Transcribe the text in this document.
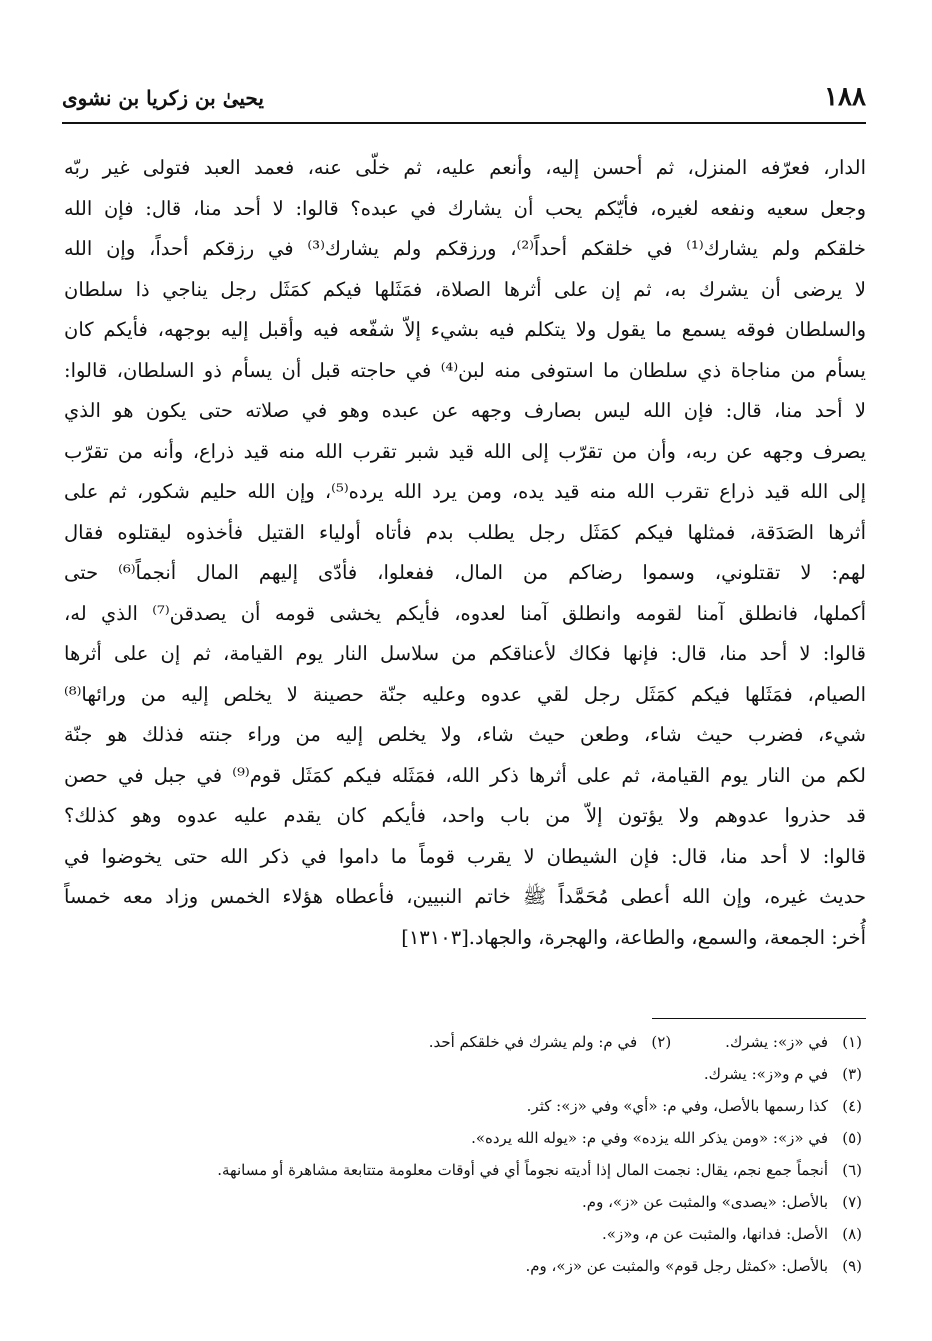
١٨٨
يحيىٰ بن زكريا بن نشوى
الدار، فعرّفه المنزل، ثم أحسن إليه، وأنعم عليه، ثم خلّى عنه، فعمد العبد فتولى غير ربّه
وجعل سعيه ونفعه لغيره، فأيّكم يحب أن يشارك في عبده؟ قالوا: لا أحد منا، قال: فإن الله
خلقكم ولم يشارك⁽¹⁾ في خلقكم أحداً⁽²⁾، ورزقكم ولم يشارك⁽³⁾ في رزقكم أحداً، وإن الله
لا يرضى أن يشرك به، ثم إن على أثرها الصلاة، فمَثَلها فيكم كمَثَل رجل يناجي ذا سلطان
والسلطان فوقه يسمع ما يقول ولا يتكلم فيه بشيء إلاّ شفّعه فيه وأقبل إليه بوجهه، فأيكم كان
يسأم من مناجاة ذي سلطان ما استوفى منه لبن⁽⁴⁾ في حاجته قبل أن يسأم ذو السلطان، قالوا:
لا أحد منا، قال: فإن الله ليس بصارف وجهه عن عبده وهو في صلاته حتى يكون هو الذي
يصرف وجهه عن ربه، وأن من تقرّب إلى الله قيد شبر تقرب الله منه قيد ذراع، وأنه من تقرّب
إلى الله قيد ذراع تقرب الله منه قيد يده، ومن يرد الله يرده⁽⁵⁾، وإن الله حليم شكور، ثم على
أثرها الصَدَقة، فمثلها فيكم كمَثَل رجل يطلب بدم فأتاه أولياء القتيل فأخذوه ليقتلوه فقال
لهم: لا تقتلوني، وسموا رضاكم من المال، ففعلوا، فأدّى إليهم المال أنجماً⁽⁶⁾ حتى
أكملها، فانطلق آمنا لقومه وانطلق آمنا لعدوه، فأيكم يخشى قومه أن يصدقن⁽⁷⁾ الذي له،
قالوا: لا أحد منا، قال: فإنها فكاك لأعناقكم من سلاسل النار يوم القيامة، ثم إن على أثرها
الصيام، فمَثَلها فيكم كمَثَل رجل لقي عدوه وعليه جنّة حصينة لا يخلص إليه من ورائها⁽⁸⁾
شيء، فضرب حيث شاء، وطعن حيث شاء، ولا يخلص إليه من وراء جنته فذلك هو جنّة
لكم من النار يوم القيامة، ثم على أثرها ذكر الله، فمَثَله فيكم كمَثَل قوم⁽⁹⁾ في جبل في حصن
قد حذروا عدوهم ولا يؤتون إلاّ من باب واحد، فأيكم كان يقدم عليه عدوه وهو كذلك؟
قالوا: لا أحد منا، قال: فإن الشيطان لا يقرب قوماً ما داموا في ذكر الله حتى يخوضوا في
حديث غيره، وإن الله أعطى مُحَمَّداً ﷺ خاتم النبيين، فأعطاه هؤلاء الخمس وزاد معه خمساً
أُخر: الجمعة، والسمع، والطاعة، والهجرة، والجهاد.[١٣١٠٣]
(١)
في «ز»: يشرك.
(٢)
في م: ولم يشرك في خلقكم أحد.
(٣)
في م و«ز»: يشرك.
(٤)
كذا رسمها بالأصل، وفي م: «أي» وفي «ز»: كثر.
(٥)
في «ز»: «ومن يذكر الله يزده» وفي م: «يوله الله يرده».
(٦)
أنجماً جمع نجم، يقال: نجمت المال إذا أديته نجوماً أي في أوقات معلومة متتابعة مشاهرة أو مسانهة.
(٧)
بالأصل: «يصدى» والمثبت عن «ز»، وم.
(٨)
الأصل: فدانها، والمثبت عن م، و«ز».
(٩)
بالأصل: «كمثل رجل قوم» والمثبت عن «ز»، وم.
